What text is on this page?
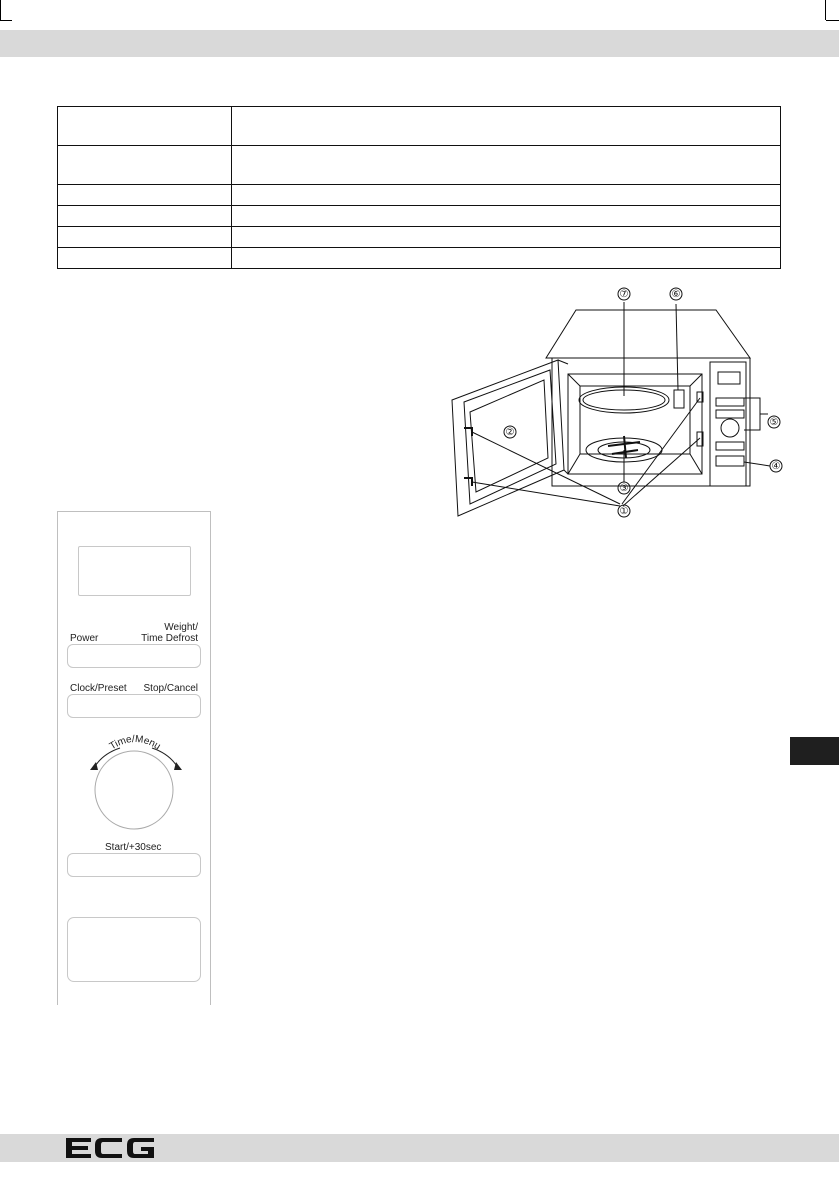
①
②
③
④
⑤
⑥
⑦
Power
Weight/
Time Defrost
Clock/Preset	Stop/Cancel
Time/Menu
Start/+30sec
